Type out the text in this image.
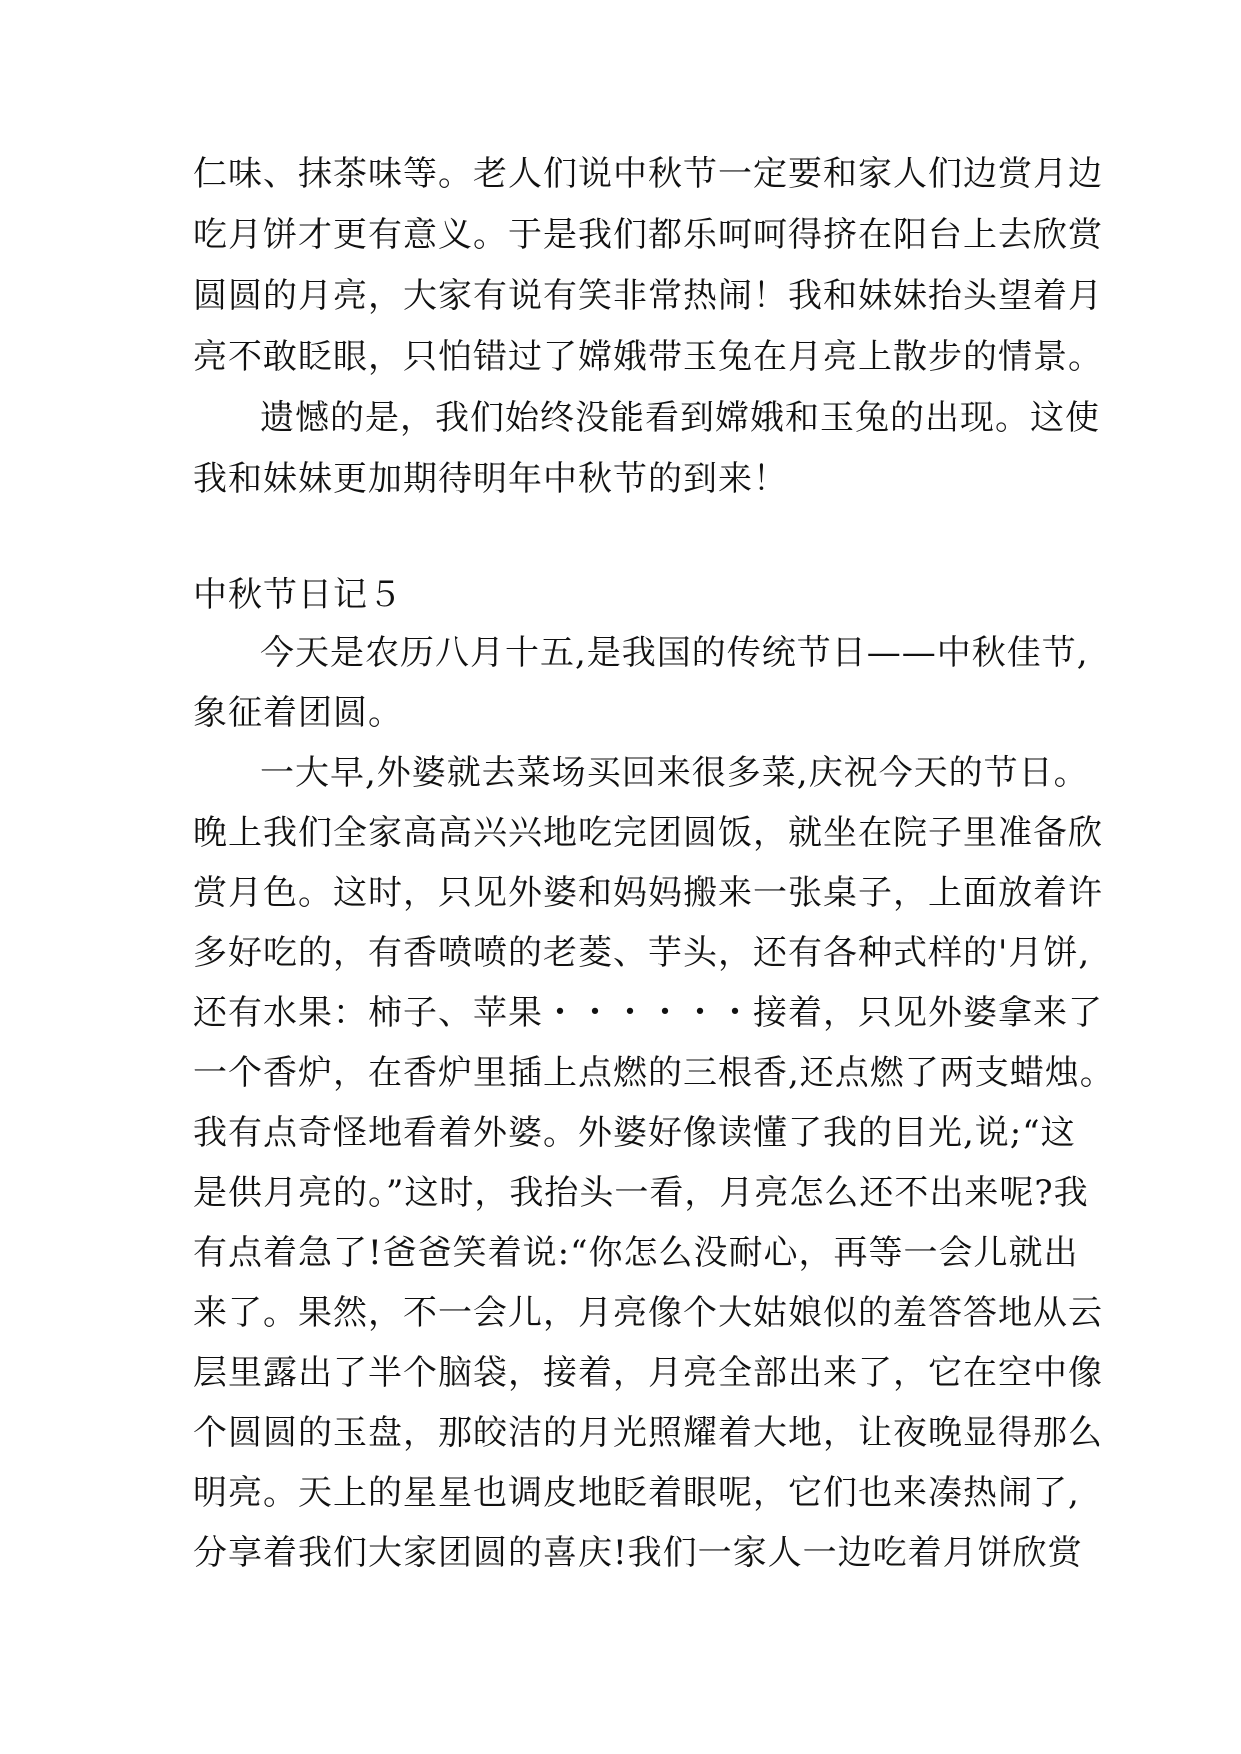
仁味、抹茶味等。老人们说中秋节一定要和家人们边赏月边
吃月饼才更有意义。于是我们都乐呵呵得挤在阳台上去欣赏
圆圆的月亮，大家有说有笑非常热闹！我和妹妹抬头望着月
亮不敢眨眼，只怕错过了嫦娥带玉兔在月亮上散步的情景。
遗憾的是，我们始终没能看到嫦娥和玉兔的出现。这使
我和妹妹更加期待明年中秋节的到来！
中秋节日记５
今天是农历八月十五,是我国的传统节日——中秋佳节,
象征着团圆。
一大早,外婆就去菜场买回来很多菜,庆祝今天的节日。
晚上我们全家高高兴兴地吃完团圆饭，就坐在院子里准备欣
赏月色。这时，只见外婆和妈妈搬来一张桌子，上面放着许
多好吃的，有香喷喷的老菱、芋头，还有各种式样的'月饼,
还有水果：柿子、苹果・・・・・・接着，只见外婆拿来了
一个香炉，在香炉里插上点燃的三根香,还点燃了两支蜡烛。
我有点奇怪地看着外婆。外婆好像读懂了我的目光,说;“这
是供月亮的。”这时，我抬头一看，月亮怎么还不出来呢?我
有点着急了!爸爸笑着说:“你怎么没耐心，再等一会儿就出
来了。果然，不一会儿，月亮像个大姑娘似的羞答答地从云
层里露出了半个脑袋，接着，月亮全部出来了，它在空中像
个圆圆的玉盘，那皎洁的月光照耀着大地，让夜晚显得那么
明亮。天上的星星也调皮地眨着眼呢，它们也来凑热闹了,
分享着我们大家团圆的喜庆!我们一家人一边吃着月饼欣赏
